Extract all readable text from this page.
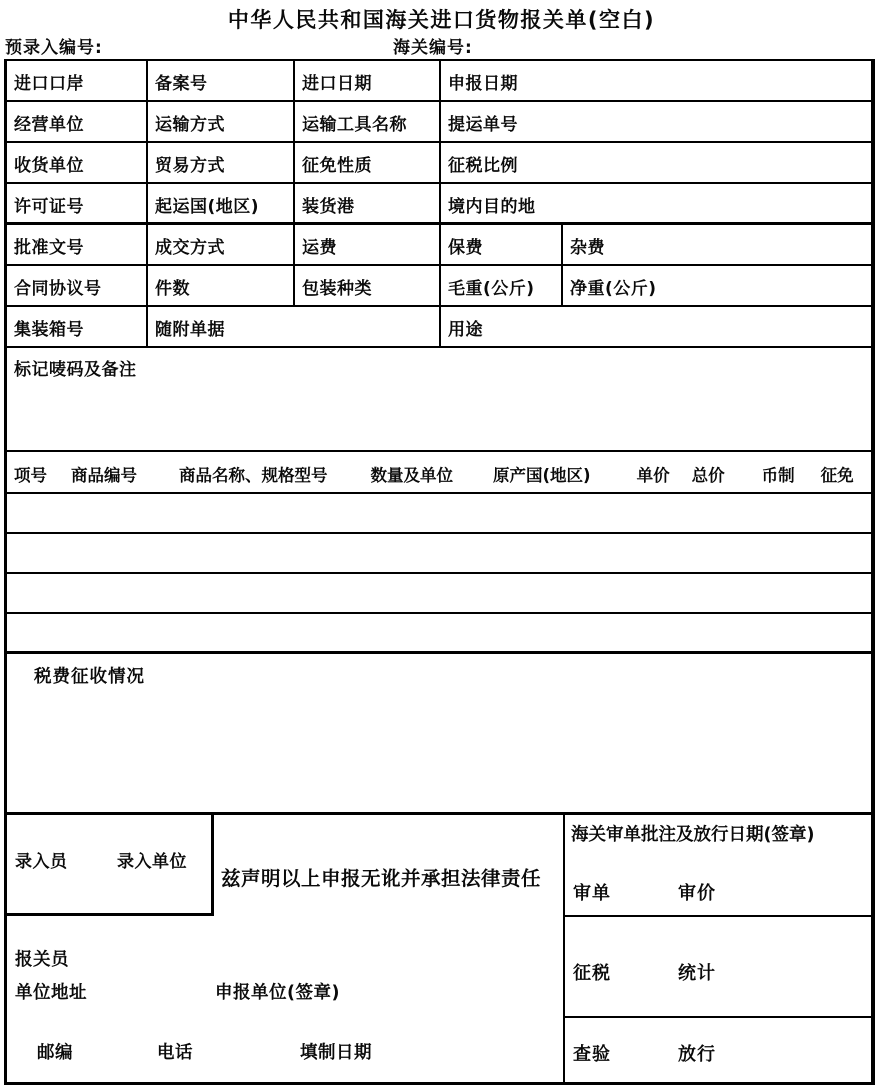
中华人民共和国海关进口货物报关单(空白)
预录入编号:	海关编号:
进口口岸	备案号	进口日期	申报日期
经营单位	运输方式	运输工具名称	提运单号
收货单位	贸易方式	征免性质	征税比例
许可证号	起运国(地区)	装货港	境内目的地
批准文号	成交方式	运费	保费	杂费
合同协议号	件数	包装种类	毛重(公斤)	净重(公斤)
集装箱号	随附单据	用途
标记唛码及备注
项号 商品编号	商品名称、规格型号	数量及单位 原产国(地区)	单价 总价 币制 征免
税费征收情况
录入员	录入单位
兹声明以上申报无讹并承担法律责任
报关员
单位地址	申报单位(签章)
邮编	电话	填制日期
海关审单批注及放行日期(签章)
审单	审价
征税	统计
查验	放行
